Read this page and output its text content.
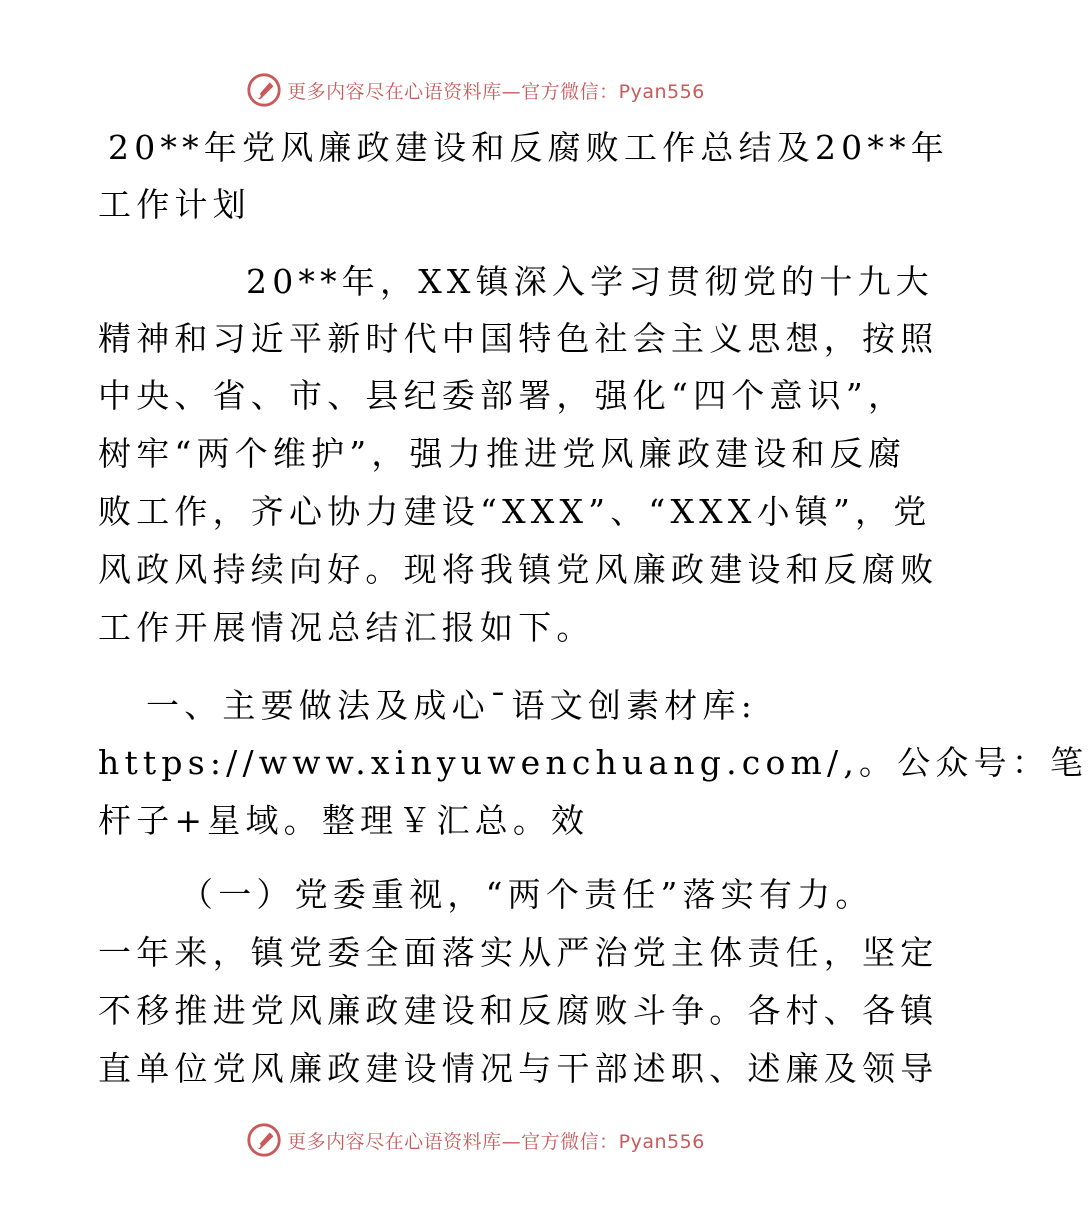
更多内容尽在心语资料库—官方微信：Pyan556
20**年党风廉政建设和反腐败工作总结及20**年
工作计划
20**年，XX镇深入学习贯彻党的十九大
精神和习近平新时代中国特色社会主义思想，按照
中央、省、市、县纪委部署，强化“四个意识”，
树牢“两个维护”，强力推进党风廉政建设和反腐
败工作，齐心协力建设“XXX”、“XXX小镇”，党
风政风持续向好。现将我镇党风廉政建设和反腐败
工作开展情况总结汇报如下。
一、主要做法及成心¯语文创素材库:
https://www.xinyuwenchuang.com/,。公众号：笔
杆子+星域。整理￥汇总。效
（一）党委重视，“两个责任”落实有力。
一年来，镇党委全面落实从严治党主体责任，坚定
不移推进党风廉政建设和反腐败斗争。各村、各镇
直单位党风廉政建设情况与干部述职、述廉及领导
更多内容尽在心语资料库—官方微信：Pyan556
